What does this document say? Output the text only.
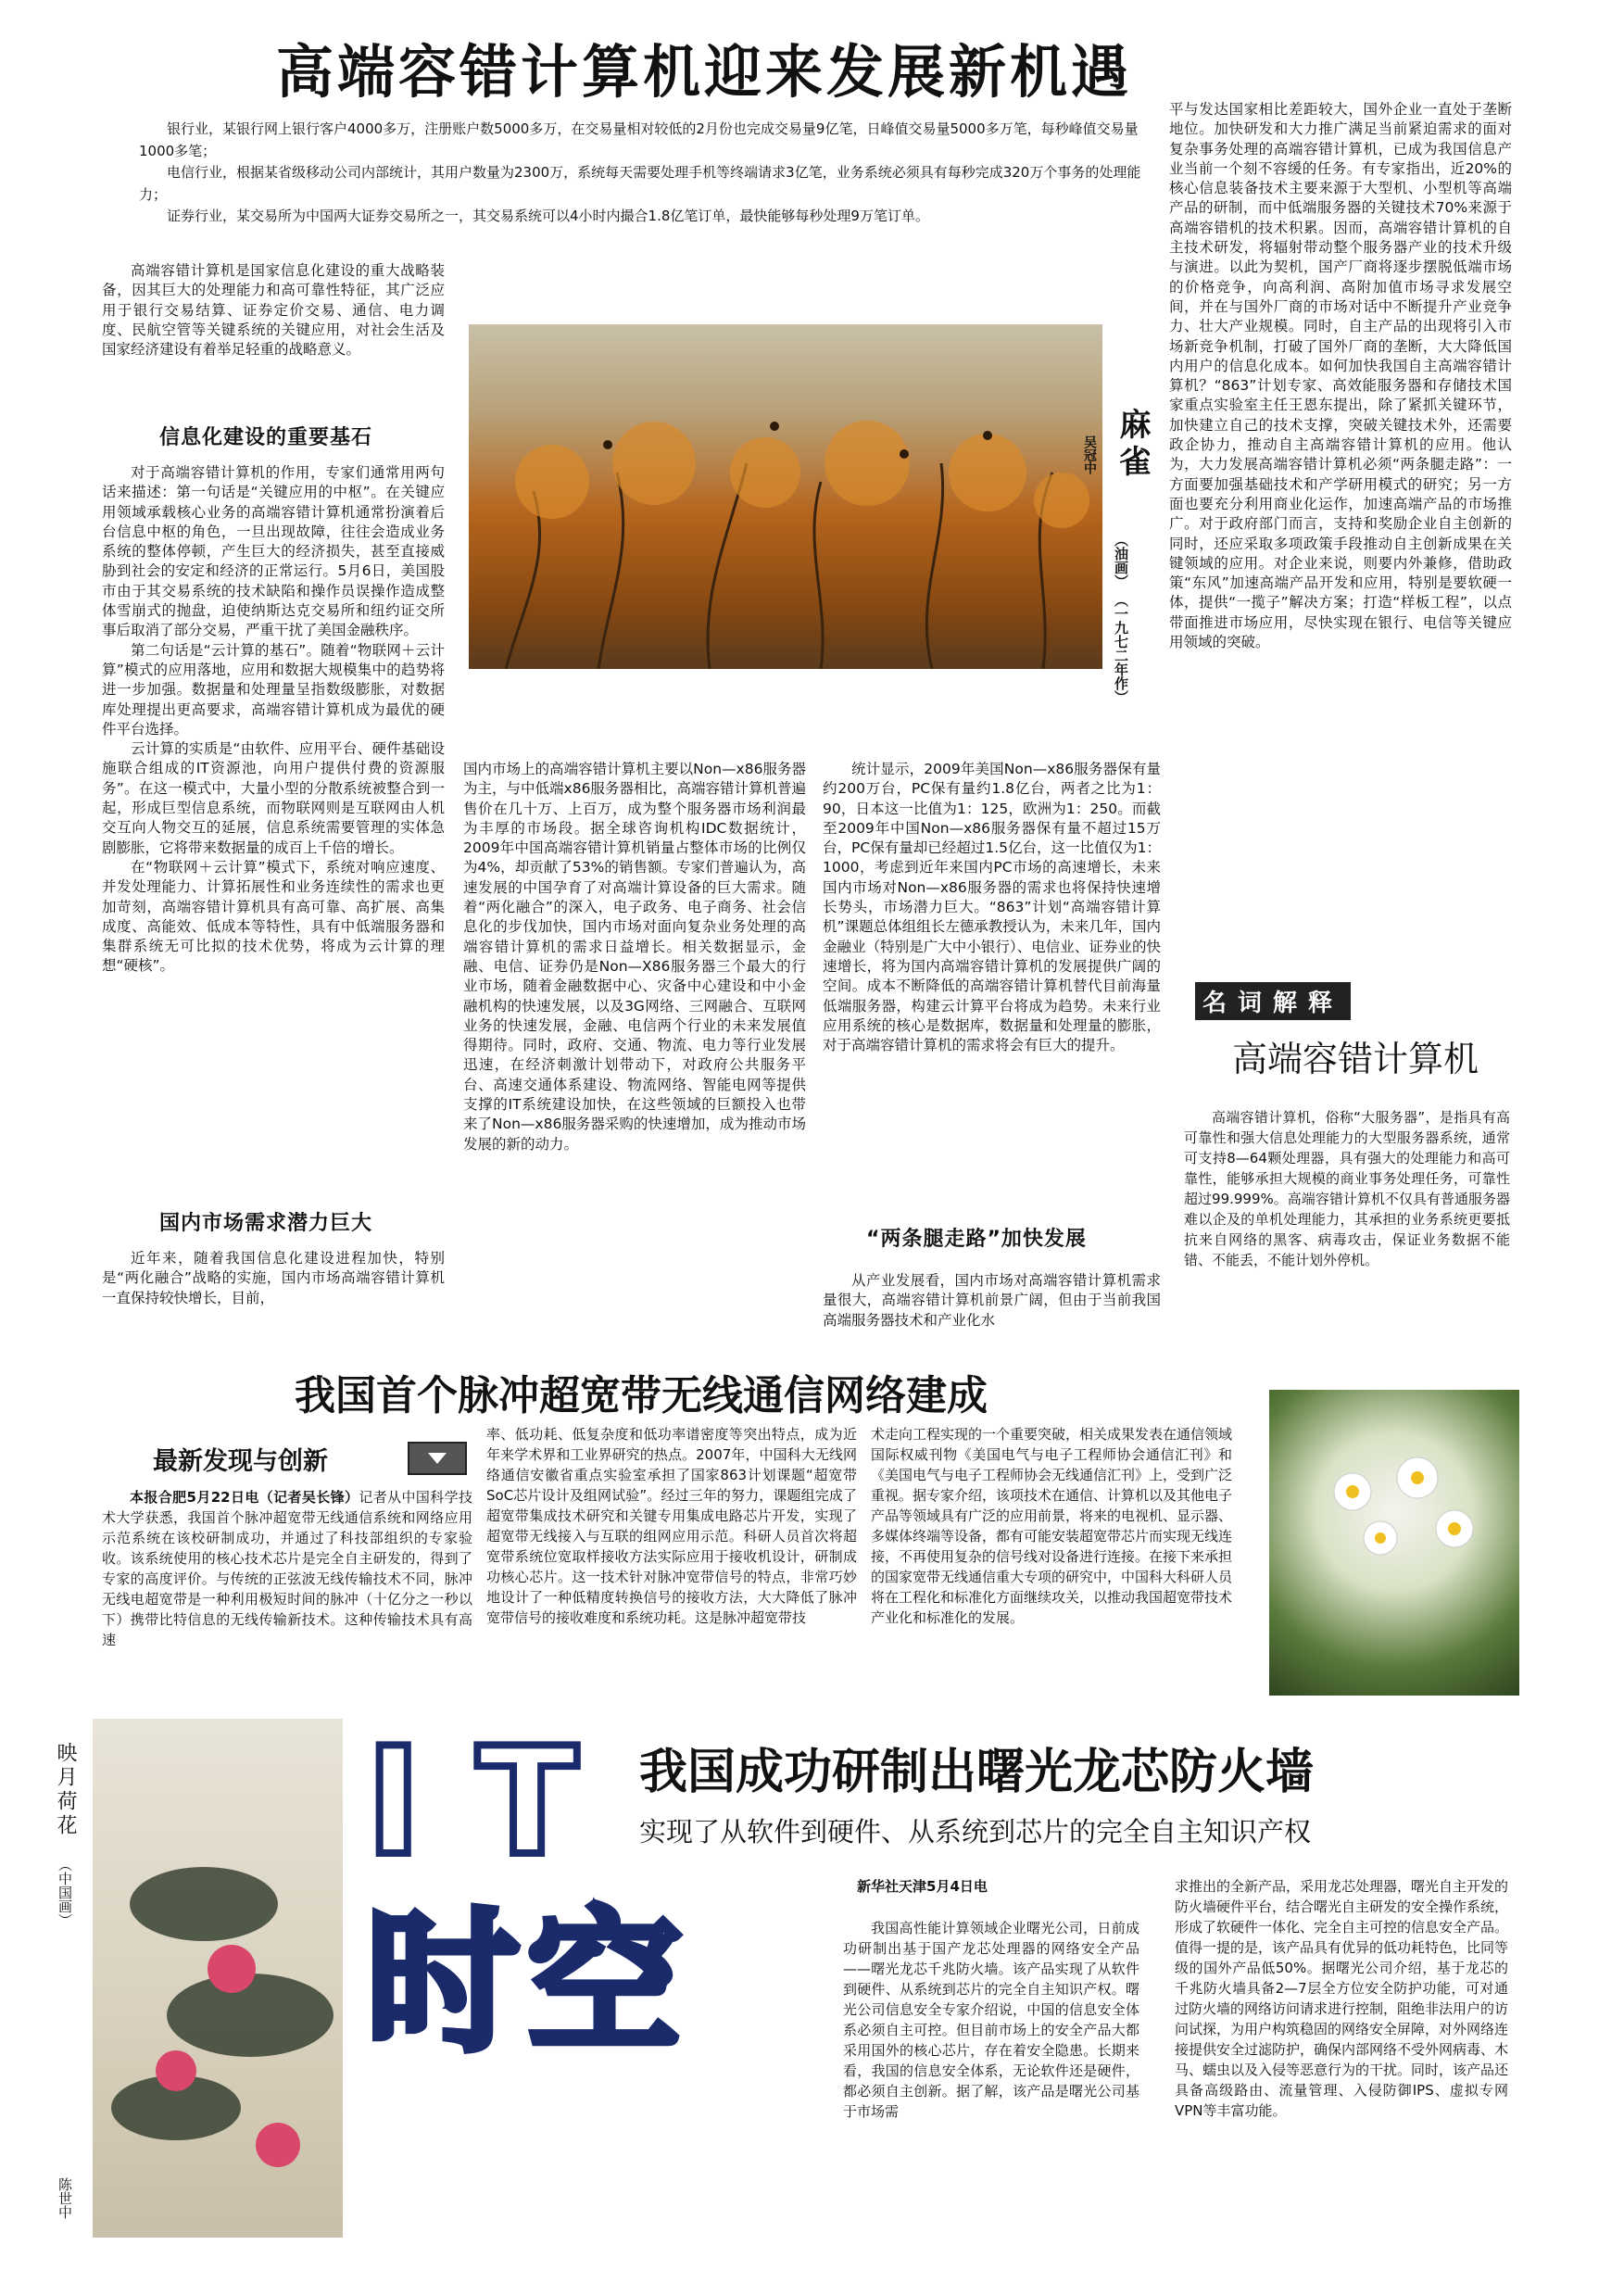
高端容错计算机迎来发展新机遇

银行业，某银行网上银行客户4000多万，注册账户数5000多万，在交易量相对较低的2月份也完成交易量9亿笔，日峰值交易量5000多万笔，每秒峰值交易量1000多笔；

电信行业，根据某省级移动公司内部统计，其用户数量为2300万，系统每天需要处理手机等终端请求3亿笔，业务系统必须具有每秒完成320万个事务的处理能力；

证券行业，某交易所为中国两大证券交易所之一，其交易系统可以4小时内撮合1.8亿笔订单，最快能够每秒处理9万笔订单。

高端容错计算机是国家信息化建设的重大战略装备，因其巨大的处理能力和高可靠性特征，其广泛应用于银行交易结算、证券定价交易、通信、电力调度、民航空管等关键系统的关键应用，对社会生活及国家经济建设有着举足轻重的战略意义。

信息化建设的重要基石

对于高端容错计算机的作用，专家们通常用两句话来描述：第一句话是“关键应用的中枢”。在关键应用领域承载核心业务的高端容错计算机通常扮演着后台信息中枢的角色，一旦出现故障，往往会造成业务系统的整体停顿，产生巨大的经济损失，甚至直接威胁到社会的安定和经济的正常运行。5月6日，美国股市由于其交易系统的技术缺陷和操作员误操作造成整体雪崩式的抛盘，迫使纳斯达克交易所和纽约证交所事后取消了部分交易，严重干扰了美国金融秩序。

第二句话是“云计算的基石”。随着“物联网＋云计算”模式的应用落地，应用和数据大规模集中的趋势将进一步加强。数据量和处理量呈指数级膨胀，对数据库处理提出更高要求，高端容错计算机成为最优的硬件平台选择。

云计算的实质是“由软件、应用平台、硬件基础设施联合组成的IT资源池，向用户提供付费的资源服务”。在这一模式中，大量小型的分散系统被整合到一起，形成巨型信息系统，而物联网则是互联网由人机交互向人物交互的延展，信息系统需要管理的实体急剧膨胀，它将带来数据量的成百上千倍的增长。

在“物联网＋云计算”模式下，系统对响应速度、并发处理能力、计算拓展性和业务连续性的需求也更加苛刻，高端容错计算机具有高可靠、高扩展、高集成度、高能效、低成本等特性，具有中低端服务器和集群系统无可比拟的技术优势，将成为云计算的理想“硬核”。

国内市场需求潜力巨大

近年来，随着我国信息化建设进程加快，特别是“两化融合”战略的实施，国内市场高端容错计算机一直保持较快增长，目前，

麻雀
吴冠中
（油画）
（一九七二年作）

国内市场上的高端容错计算机主要以Non—x86服务器为主，与中低端x86服务器相比，高端容错计算机普遍售价在几十万、上百万，成为整个服务器市场利润最为丰厚的市场段。据全球咨询机构IDC数据统计，2009年中国高端容错计算机销量占整体市场的比例仅为4%，却贡献了53%的销售额。专家们普遍认为，高速发展的中国孕育了对高端计算设备的巨大需求。随着“两化融合”的深入，电子政务、电子商务、社会信息化的步伐加快，国内市场对面向复杂业务处理的高端容错计算机的需求日益增长。相关数据显示，金融、电信、证券仍是Non—X86服务器三个最大的行业市场，随着金融数据中心、灾备中心建设和中小金融机构的快速发展，以及3G网络、三网融合、互联网业务的快速发展，金融、电信两个行业的未来发展值得期待。同时，政府、交通、物流、电力等行业发展迅速，在经济刺激计划带动下，对政府公共服务平台、高速交通体系建设、物流网络、智能电网等提供支撑的IT系统建设加快，在这些领域的巨额投入也带来了Non—x86服务器采购的快速增加，成为推动市场发展的新的动力。

统计显示，2009年美国Non—x86服务器保有量约200万台，PC保有量约1.8亿台，两者之比为1：90，日本这一比值为1：125，欧洲为1：250。而截至2009年中国Non—x86服务器保有量不超过15万台，PC保有量却已经超过1.5亿台，这一比值仅为1：1000，考虑到近年来国内PC市场的高速增长，未来国内市场对Non—x86服务器的需求也将保持快速增长势头，市场潜力巨大。“863”计划“高端容错计算机”课题总体组组长左德承教授认为，未来几年，国内金融业（特别是广大中小银行）、电信业、证券业的快速增长，将为国内高端容错计算机的发展提供广阔的空间。成本不断降低的高端容错计算机替代目前海量低端服务器，构建云计算平台将成为趋势。未来行业应用系统的核心是数据库，数据量和处理量的膨胀，对于高端容错计算机的需求将会有巨大的提升。

“两条腿走路”加快发展

从产业发展看，国内市场对高端容错计算机需求量很大，高端容错计算机前景广阔，但由于当前我国高端服务器技术和产业化水

平与发达国家相比差距较大，国外企业一直处于垄断地位。加快研发和大力推广满足当前紧迫需求的面对复杂事务处理的高端容错计算机，已成为我国信息产业当前一个刻不容缓的任务。有专家指出，近20%的核心信息装备技术主要来源于大型机、小型机等高端产品的研制，而中低端服务器的关键技术70%来源于高端容错机的技术积累。因而，高端容错计算机的自主技术研发，将辐射带动整个服务器产业的技术升级与演进。以此为契机，国产厂商将逐步摆脱低端市场的价格竞争，向高利润、高附加值市场寻求发展空间，并在与国外厂商的市场对话中不断提升产业竞争力、壮大产业规模。同时，自主产品的出现将引入市场新竞争机制，打破了国外厂商的垄断，大大降低国内用户的信息化成本。如何加快我国自主高端容错计算机？“863”计划专家、高效能服务器和存储技术国家重点实验室主任王恩东提出，除了紧抓关键环节，加快建立自己的技术支撑，突破关键技术外，还需要政企协力，推动自主高端容错计算机的应用。他认为，大力发展高端容错计算机必须“两条腿走路”：一方面要加强基础技术和产学研用模式的研究；另一方面也要充分利用商业化运作，加速高端产品的市场推广。对于政府部门而言，支持和奖励企业自主创新的同时，还应采取多项政策手段推动自主创新成果在关键领域的应用。对企业来说，则要内外兼修，借助政策“东风”加速高端产品开发和应用，特别是要软硬一体，提供“一揽子”解决方案；打造“样板工程”，以点带面推进市场应用，尽快实现在银行、电信等关键应用领域的突破。

名词解释
高端容错计算机

高端容错计算机，俗称“大服务器”，是指具有高可靠性和强大信息处理能力的大型服务器系统，通常可支持8—64颗处理器，具有强大的处理能力和高可靠性，能够承担大规模的商业事务处理任务，可靠性超过99.999%。高端容错计算机不仅具有普通服务器难以企及的单机处理能力，其承担的业务系统更要抵抗来自网络的黑客、病毒攻击，保证业务数据不能错、不能丢，不能计划外停机。

我国首个脉冲超宽带无线通信网络建成
最新发现与创新

本报合肥5月22日电（记者吴长锋）记者从中国科学技术大学获悉，我国首个脉冲超宽带无线通信系统和网络应用示范系统在该校研制成功，并通过了科技部组织的专家验收。该系统使用的核心技术芯片是完全自主研发的，得到了专家的高度评价。与传统的正弦波无线传输技术不同，脉冲无线电超宽带是一种利用极短时间的脉冲（十亿分之一秒以下）携带比特信息的无线传输新技术。这种传输技术具有高速

率、低功耗、低复杂度和低功率谱密度等突出特点，成为近年来学术界和工业界研究的热点。2007年，中国科大无线网络通信安徽省重点实验室承担了国家863计划课题“超宽带SoC芯片设计及组网试验”。经过三年的努力，课题组完成了超宽带集成技术研究和关键专用集成电路芯片开发，实现了超宽带无线接入与互联的组网应用示范。科研人员首次将超宽带系统位宽取样接收方法实际应用于接收机设计，研制成功核心芯片。这一技术针对脉冲宽带信号的特点，非常巧妙地设计了一种低精度转换信号的接收方法，大大降低了脉冲宽带信号的接收难度和系统功耗。这是脉冲超宽带技

术走向工程实现的一个重要突破，相关成果发表在通信领域国际权威刊物《美国电气与电子工程师协会通信汇刊》和《美国电气与电子工程师协会无线通信汇刊》上，受到广泛重视。据专家介绍，该项技术在通信、计算机以及其他电子产品等领域具有广泛的应用前景，将来的电视机、显示器、多媒体终端等设备，都有可能安装超宽带芯片而实现无线连接，不再使用复杂的信号线对设备进行连接。在接下来承担的国家宽带无线通信重大专项的研究中，中国科大科研人员将在工程化和标准化方面继续攻关，以推动我国超宽带技术产业化和标准化的发展。

映月荷花
（中国画）
陈世中
IT
时空
我国成功研制出曙光龙芯防火墙
实现了从软件到硬件、从系统到芯片的完全自主知识产权
新华社天津5月4日电

我国高性能计算领域企业曙光公司，日前成功研制出基于国产龙芯处理器的网络安全产品——曙光龙芯千兆防火墙。该产品实现了从软件到硬件、从系统到芯片的完全自主知识产权。曙光公司信息安全专家介绍说，中国的信息安全体系必须自主可控。但目前市场上的安全产品大都采用国外的核心芯片，存在着安全隐患。长期来看，我国的信息安全体系，无论软件还是硬件，都必须自主创新。据了解，该产品是曙光公司基于市场需

求推出的全新产品，采用龙芯处理器，曙光自主开发的防火墙硬件平台，结合曙光自主研发的安全操作系统，形成了软硬件一体化、完全自主可控的信息安全产品。值得一提的是，该产品具有优异的低功耗特色，比同等级的国外产品低50%。据曙光公司介绍，基于龙芯的千兆防火墙具备2—7层全方位安全防护功能，可对通过防火墙的网络访问请求进行控制，阻绝非法用户的访问试探，为用户构筑稳固的网络安全屏障，对外网络连接提供安全过滤防护，确保内部网络不受外网病毒、木马、蠕虫以及入侵等恶意行为的干扰。同时，该产品还具备高级路由、流量管理、入侵防御IPS、虚拟专网VPN等丰富功能。
